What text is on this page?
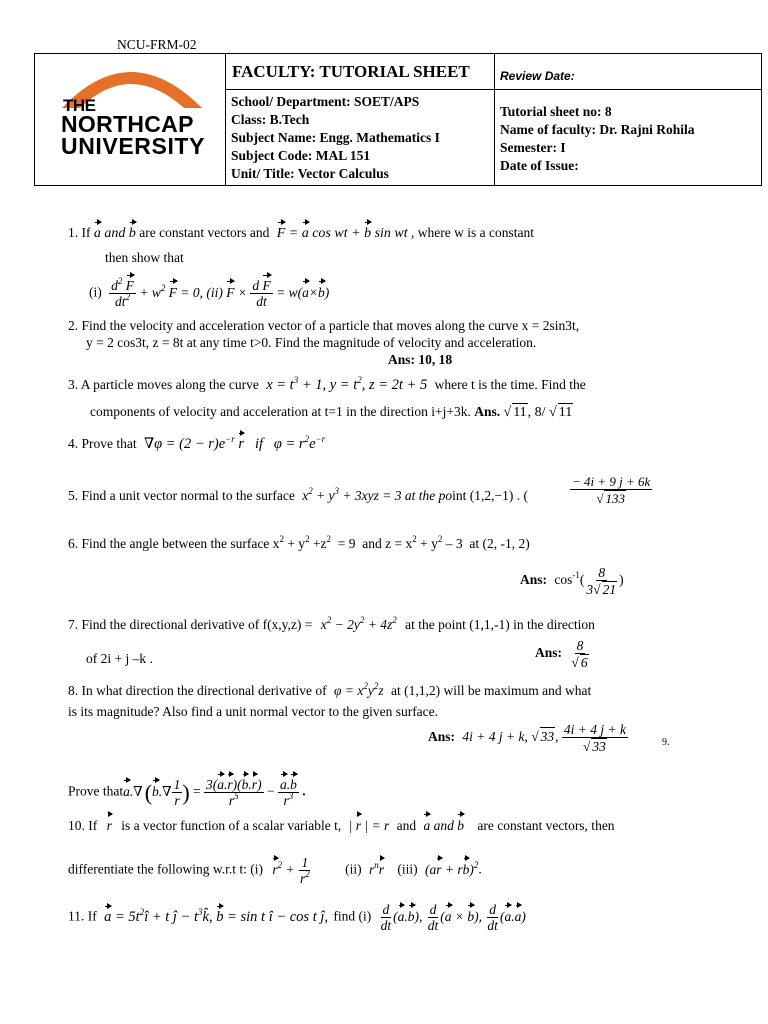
NCU-FRM-02
FACULTY: TUTORIAL SHEET	Review Date:
School/ Department: SOET/APS
Class: B.Tech
Subject Name: Engg. Mathematics I
Subject Code: MAL 151
Unit/ Title: Vector Calculus
Tutorial sheet no: 8
Name of faculty: Dr. Rajni Rohila
Semester: I
Date of Issue:
THE
NORTHCAP
UNIVERSITY
1. If a and b are constant vectors and F = a cos wt + b sin wt , where w is a constant
then show that
$(i) \frac{d^2 F}{dt^2} + w^2$ F = 0, (ii) $F \times \frac{\text{d F}}{dt} = w(a\times b)$
2. Find the velocity and acceleration vector of a particle that moves along the curve x = 2sin3t,
y = 2 cos3t, z = 8t at any time t>0. Find the magnitude of velocity and acceleration.
Ans: 10, 18
3. A particle moves along the curve $x = t^3 + 1$, $y = t^2$, z = 2t + 5 where t is the time. Find the
components of velocity and acceleration at t=1 in the direction i+j+3k. Ans. √ 11, 8/ √ 11
4. Prove that $\nabla\varphi = (2 - r)e^{-r}$ r   if   $\varphi = r^2e^{-r}$
5. Find a unit vector normal to the surface $x^2 + y^3 + 3xyz = 3$ at the point (1,2,−1) . (	$\frac{- 4i + 9 j + 6k}{√ 133}$
6. Find the angle between the surface $x^2 + y^2 +z^2 = 9$  and $z = x^2 + y^2 - 3$  at (2, -1, 2)
Ans: $\cos^{-1}( \frac{8}{3√ 21}$ )
7. Find the directional derivative of $f(x,y,z) = x^2 - 2y^2 + 4z^2$ at the point (1,1,-1) in the direction
of 2i + j –k .	Ans: $\frac{8}{√ 6}$
8. In what direction the directional derivative of $\varphi = x^2y^2z$ at (1,1,2) will be maximum and what
is its magnitude? Also find a unit normal vector to the given surface.
Ans: 4i + 4 j + k, √ 33, $\frac{4i + 4 j + k}{√ 33}$	9.
Prove thata.∇(b.∇ $\frac{1}{r}$ ) = $\frac{3(a.r)(b.r)}{r^5} - \frac{a.b}{r^3}$ .
10. If r is a vector function of a scalar variable t, | r | = r and a and b are constant vectors, then
differentiate the following w.r.t t: (i) $r^2 + \frac{1}{r^2} (ii)$ $r^nr$ (iii) (ar + rb)$^2$.
11. If $a = 5t^2î + t$ ĵ − $t^3k̂$, b = sin t î − cos t ĵ, find $(i) \frac{d}{dt} (a.b)$, $\frac{d}{dt} (a \times b)$, $\frac{d}{dt} (a.a)$
